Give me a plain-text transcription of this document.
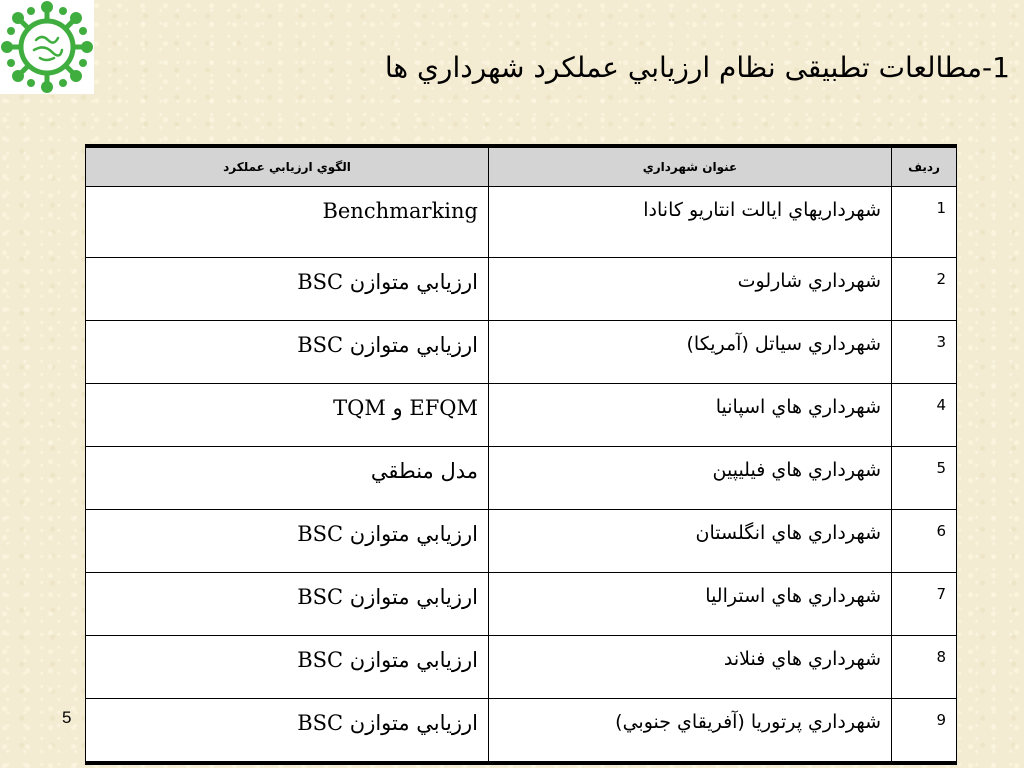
1-مطالعات تطبيقى نظام ارزيابي عملكرد شهرداري ها
الگوي ارزيابي عملكرد	عنوان شهرداري	رديف
Benchmarking	شهرداريهاي ايالت انتاريو كانادا	1
ارزيابي متوازن BSC	شهرداري شارلوت	2
ارزيابي متوازن BSC	شهرداري سياتل (آمريكا)	3
EFQM و TQM	شهرداري هاي اسپانيا	4
مدل منطقي	شهرداري هاي فيليپين	5
ارزيابي متوازن BSC	شهرداري هاي انگلستان	6
ارزيابي متوازن BSC	شهرداري هاي استراليا	7
ارزيابي متوازن BSC	شهرداري هاي فنلاند	8
ارزيابي متوازن BSC	شهرداري پرتوريا (آفريقاي جنوبي)	9
5
